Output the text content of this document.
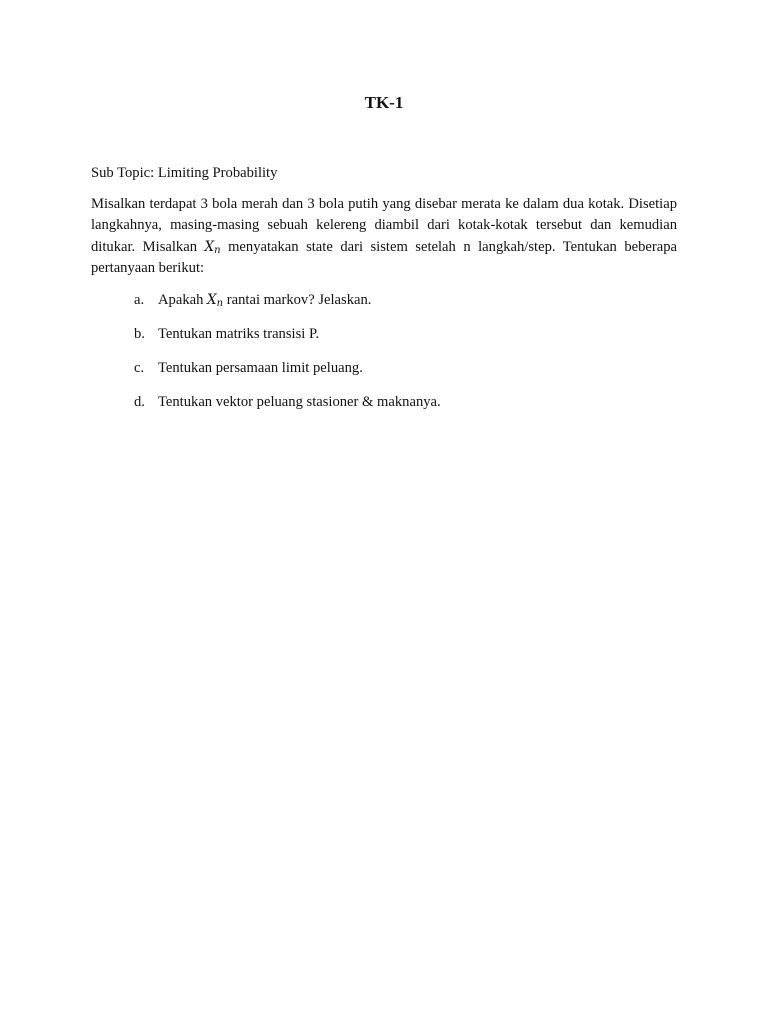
TK-1
Sub Topic: Limiting Probability

Misalkan terdapat 3 bola merah dan 3 bola putih yang disebar merata ke dalam dua kotak. Disetiap langkahnya, masing-masing sebuah kelereng diambil dari kotak-kotak tersebut dan kemudian ditukar. Misalkan $X_n$ menyatakan state dari sistem setelah n langkah/step. Tentukan beberapa pertanyaan berikut:

a. Apakah $X_n$ rantai markov? Jelaskan.
b. Tentukan matriks transisi P.
c. Tentukan persamaan limit peluang.
d. Tentukan vektor peluang stasioner & maknanya.
